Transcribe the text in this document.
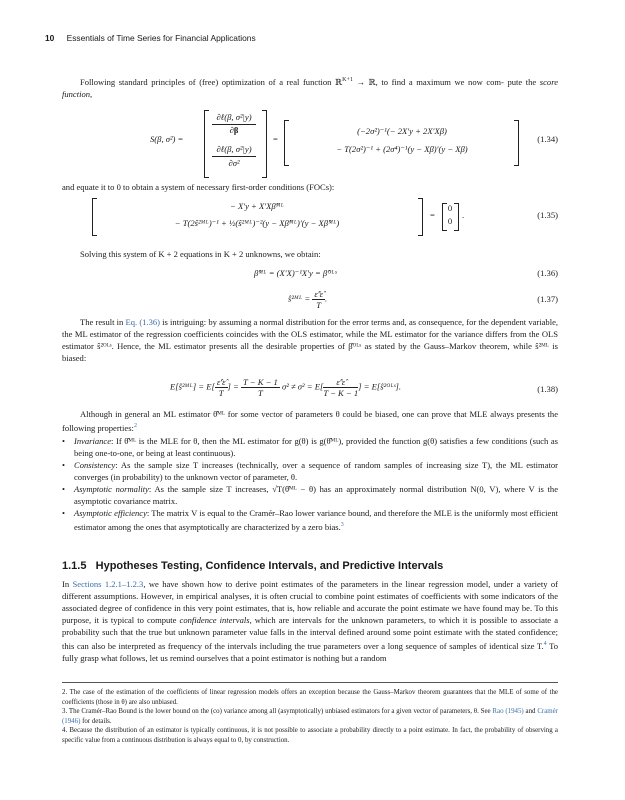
10 Essentials of Time Series for Financial Applications

Following standard principles of (free) optimization of a real function ℝ$^{K+1}$ → ℝ, to find a maximum we now com- pute the score function,

S(β, σ²) =
∂ℓ(β, σ²|y)
∂β
∂ℓ(β, σ²|y)
∂σ²
=
(−2σ²)⁻¹(− 2X′y + 2X′Xβ)
− T(2σ²)⁻¹ + (2σ⁴)⁻¹(y − Xβ)′(y − Xβ)
(1.34)

and equate it to 0 to obtain a system of necessary first-order conditions (FOCs):

− X′y + X′Xβ̂ᴹᴸ
− T(2ŝ²ᴹᴸ)⁻¹ + ½(ŝ²ᴹᴸ)⁻²(y − Xβ̂ᴹᴸ)′(y − Xβ̂ᴹᴸ)
=
0
0
.	(1.35)

Solving this system of K + 2 equations in K + 2 unknowns, we obtain:

β̂ᴹᴸ = (X′X)⁻¹X′y = β̂ᴼᴸˢ	(1.36)
ŝ²ᴹᴸ = $\frac{\varepsilon̂'\varepsilon̂}{T}$ .	(1.37)

The result in Eq. (1.36) is intriguing: by assuming a normal distribution for the error terms and, as consequence, for the dependent variable, the ML estimator of the regression coefficients coincides with the OLS estimator, while the ML estimator for the variance differs from the OLS estimator ŝ²ᴼᴸˢ. Hence, the ML estimator presents all the desirable properties of β̂ᴼᴸˢ as stated by the Gauss–Markov theorem, while ŝ²ᴹᴸ is biased:

E[ŝ²ᴹᴸ] = $E[ \frac{\varepsilon̂'\varepsilon̂}{T}$ ] = $\frac{T - K - 1}{T} \sigma^2 \ne \sigma^2 = E[ \frac{\varepsilon̂'\varepsilon̂}{T - K - 1}$ ] = E[ŝ²ᴼᴸˢ].	(1.38)

Although in general an ML estimator θ̂ᴹᴸ for some vector of parameters θ could be biased, one can prove that MLE always presents the following properties:$^2$

• Invariance: If θ̂ᴹᴸ is the MLE for θ, then the ML estimator for g(θ) is g(θ̂ᴹᴸ), provided the function g(θ) satisfies a few conditions (such as being one-to-one, or being at least continuous).
• Consistency: As the sample size T increases (technically, over a sequence of random samples of increasing size T), the ML estimator converges (in probability) to the unknown vector of parameter, θ.
• Asymptotic normality: As the sample size T increases, √T(θ̂ᴹᴸ − θ) has an approximately normal distribution N(0, V), where V is the asymptotic covariance matrix.
• Asymptotic efficiency: The matrix V is equal to the Cramér–Rao lower variance bound, and therefore the MLE is the uniformly most efficient estimator among the ones that asymptotically are characterized by a zero bias.$^3$
1.1.5 Hypotheses Testing, Confidence Intervals, and Predictive Intervals

In Sections 1.2.1–1.2.3, we have shown how to derive point estimates of the parameters in the linear regression model, under a variety of different assumptions. However, in empirical analyses, it is often crucial to combine point estimates of coefficients with some indicators of the associated degree of confidence in this very point estimates, that is, how reliable and accurate the point estimate we have found may be. To this purpose, it is typical to compute confidence intervals, which are intervals for the unknown parameters, to which it is possible to associate a probability such that the true but unknown parameter value falls in the interval defined around some point estimate with the stated confidence; this can also be interpreted as frequency of the intervals including the true parameters over a long sequence of samples of identical size T.$^4$ To fully grasp what follows, let us remind ourselves that a point estimator is nothing but a random

2. The case of the estimation of the coefficients of linear regression models offers an exception because the Gauss–Markov theorem guarantees that the MLE of some of the coefficients (those in θ) are also unbiased.

3. The Cramér–Rao Bound is the lower bound on the (co) variance among all (asymptotically) unbiased estimators for a given vector of parameters, θ. See Rao (1945) and Cramér (1946) for details.

4. Because the distribution of an estimator is typically continuous, it is not possible to associate a probability directly to a point estimate. In fact, the probability of observing a specific value from a continuous distribution is always equal to 0, by construction.
